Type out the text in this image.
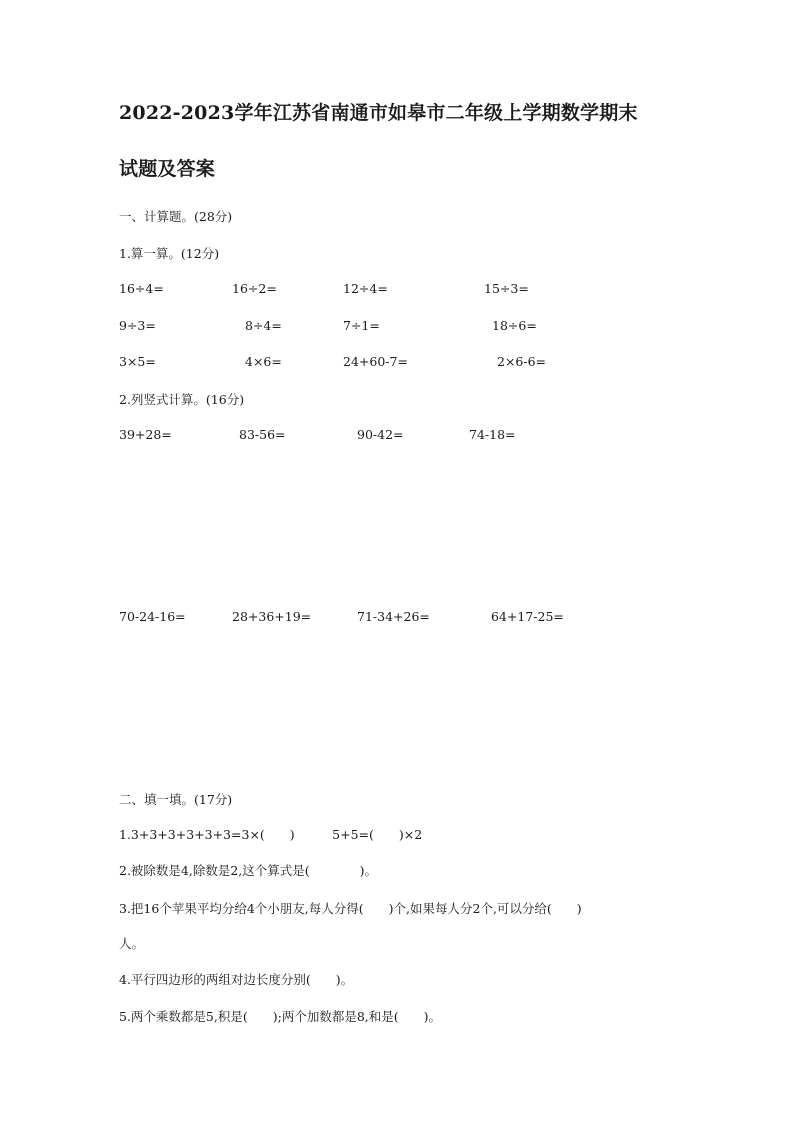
2022-2023学年江苏省南通市如皋市二年级上学期数学期末
试题及答案
一、计算题。(28分)
1.算一算。(12分)
16÷4=	16÷2=	12÷4=	15÷3=
9÷3=	8÷4=	7÷1=	18÷6=
3×5=	4×6=	24+60-7=	2×6-6=
2.列竖式计算。(16分)
39+28=	83-56=	90-42=	74-18=
70-24-16=	28+36+19=	71-34+26=	64+17-25=
二、填一填。(17分)
1.3+3+3+3+3+3=3×(　　)　　　5+5=(　　)×2
2.被除数是4,除数是2,这个算式是(　　　　)。
3.把16个苹果平均分给4个小朋友,每人分得(　　)个,如果每人分2个,可以分给(　　)
人。
4.平行四边形的两组对边长度分别(　　)。
5.两个乘数都是5,积是(　　);两个加数都是8,和是(　　)。
